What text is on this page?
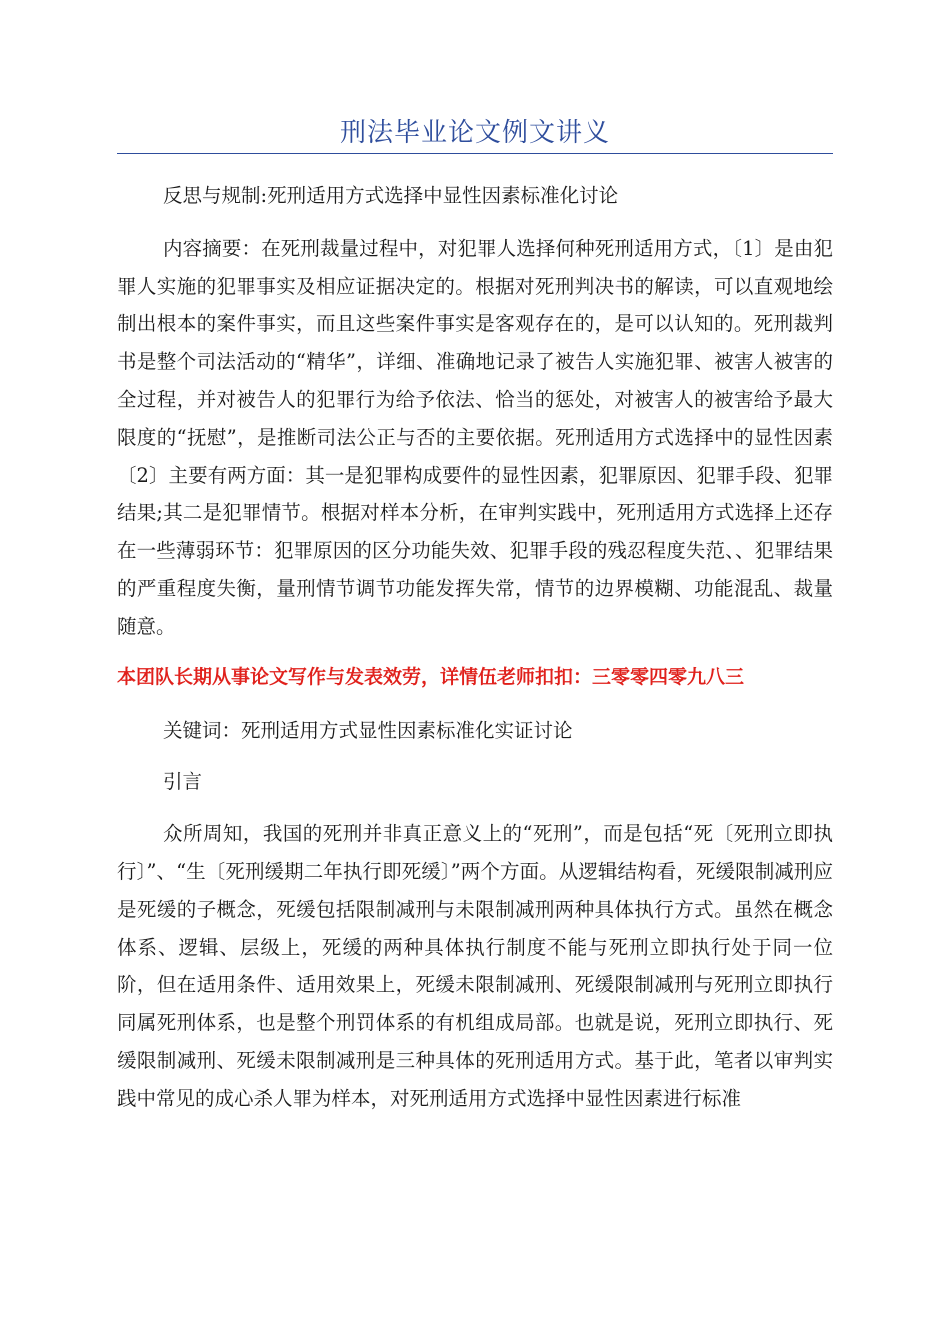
刑法毕业论文例文讲义

反思与规制:死刑适用方式选择中显性因素标准化讨论

内容摘要：在死刑裁量过程中，对犯罪人选择何种死刑适用方式，〔1〕是由犯罪人实施的犯罪事实及相应证据决定的。根据对死刑判决书的解读，可以直观地绘制出根本的案件事实，而且这些案件事实是客观存在的，是可以认知的。死刑裁判书是整个司法活动的“精华”，详细、准确地记录了被告人实施犯罪、被害人被害的全过程，并对被告人的犯罪行为给予依法、恰当的惩处，对被害人的被害给予最大限度的“抚慰”，是推断司法公正与否的主要依据。死刑适用方式选择中的显性因素〔2〕主要有两方面：其一是犯罪构成要件的显性因素，犯罪原因、犯罪手段、犯罪结果;其二是犯罪情节。根据对样本分析，在审判实践中，死刑适用方式选择上还存在一些薄弱环节：犯罪原因的区分功能失效、犯罪手段的残忍程度失范、、犯罪结果的严重程度失衡，量刑情节调节功能发挥失常，情节的边界模糊、功能混乱、裁量随意。

本团队长期从事论文写作与发表效劳，详情伍老师扣扣：三零零四零九八三

关键词：死刑适用方式显性因素标准化实证讨论

引言

众所周知，我国的死刑并非真正意义上的“死刑”，而是包括“死〔死刑立即执行〕”、“生〔死刑缓期二年执行即死缓〕”两个方面。从逻辑结构看，死缓限制减刑应是死缓的子概念，死缓包括限制减刑与未限制减刑两种具体执行方式。虽然在概念体系、逻辑、层级上，死缓的两种具体执行制度不能与死刑立即执行处于同一位阶，但在适用条件、适用效果上，死缓未限制减刑、死缓限制减刑与死刑立即执行同属死刑体系，也是整个刑罚体系的有机组成局部。也就是说，死刑立即执行、死缓限制减刑、死缓未限制减刑是三种具体的死刑适用方式。基于此，笔者以审判实践中常见的成心杀人罪为样本，对死刑适用方式选择中显性因素进行标准
